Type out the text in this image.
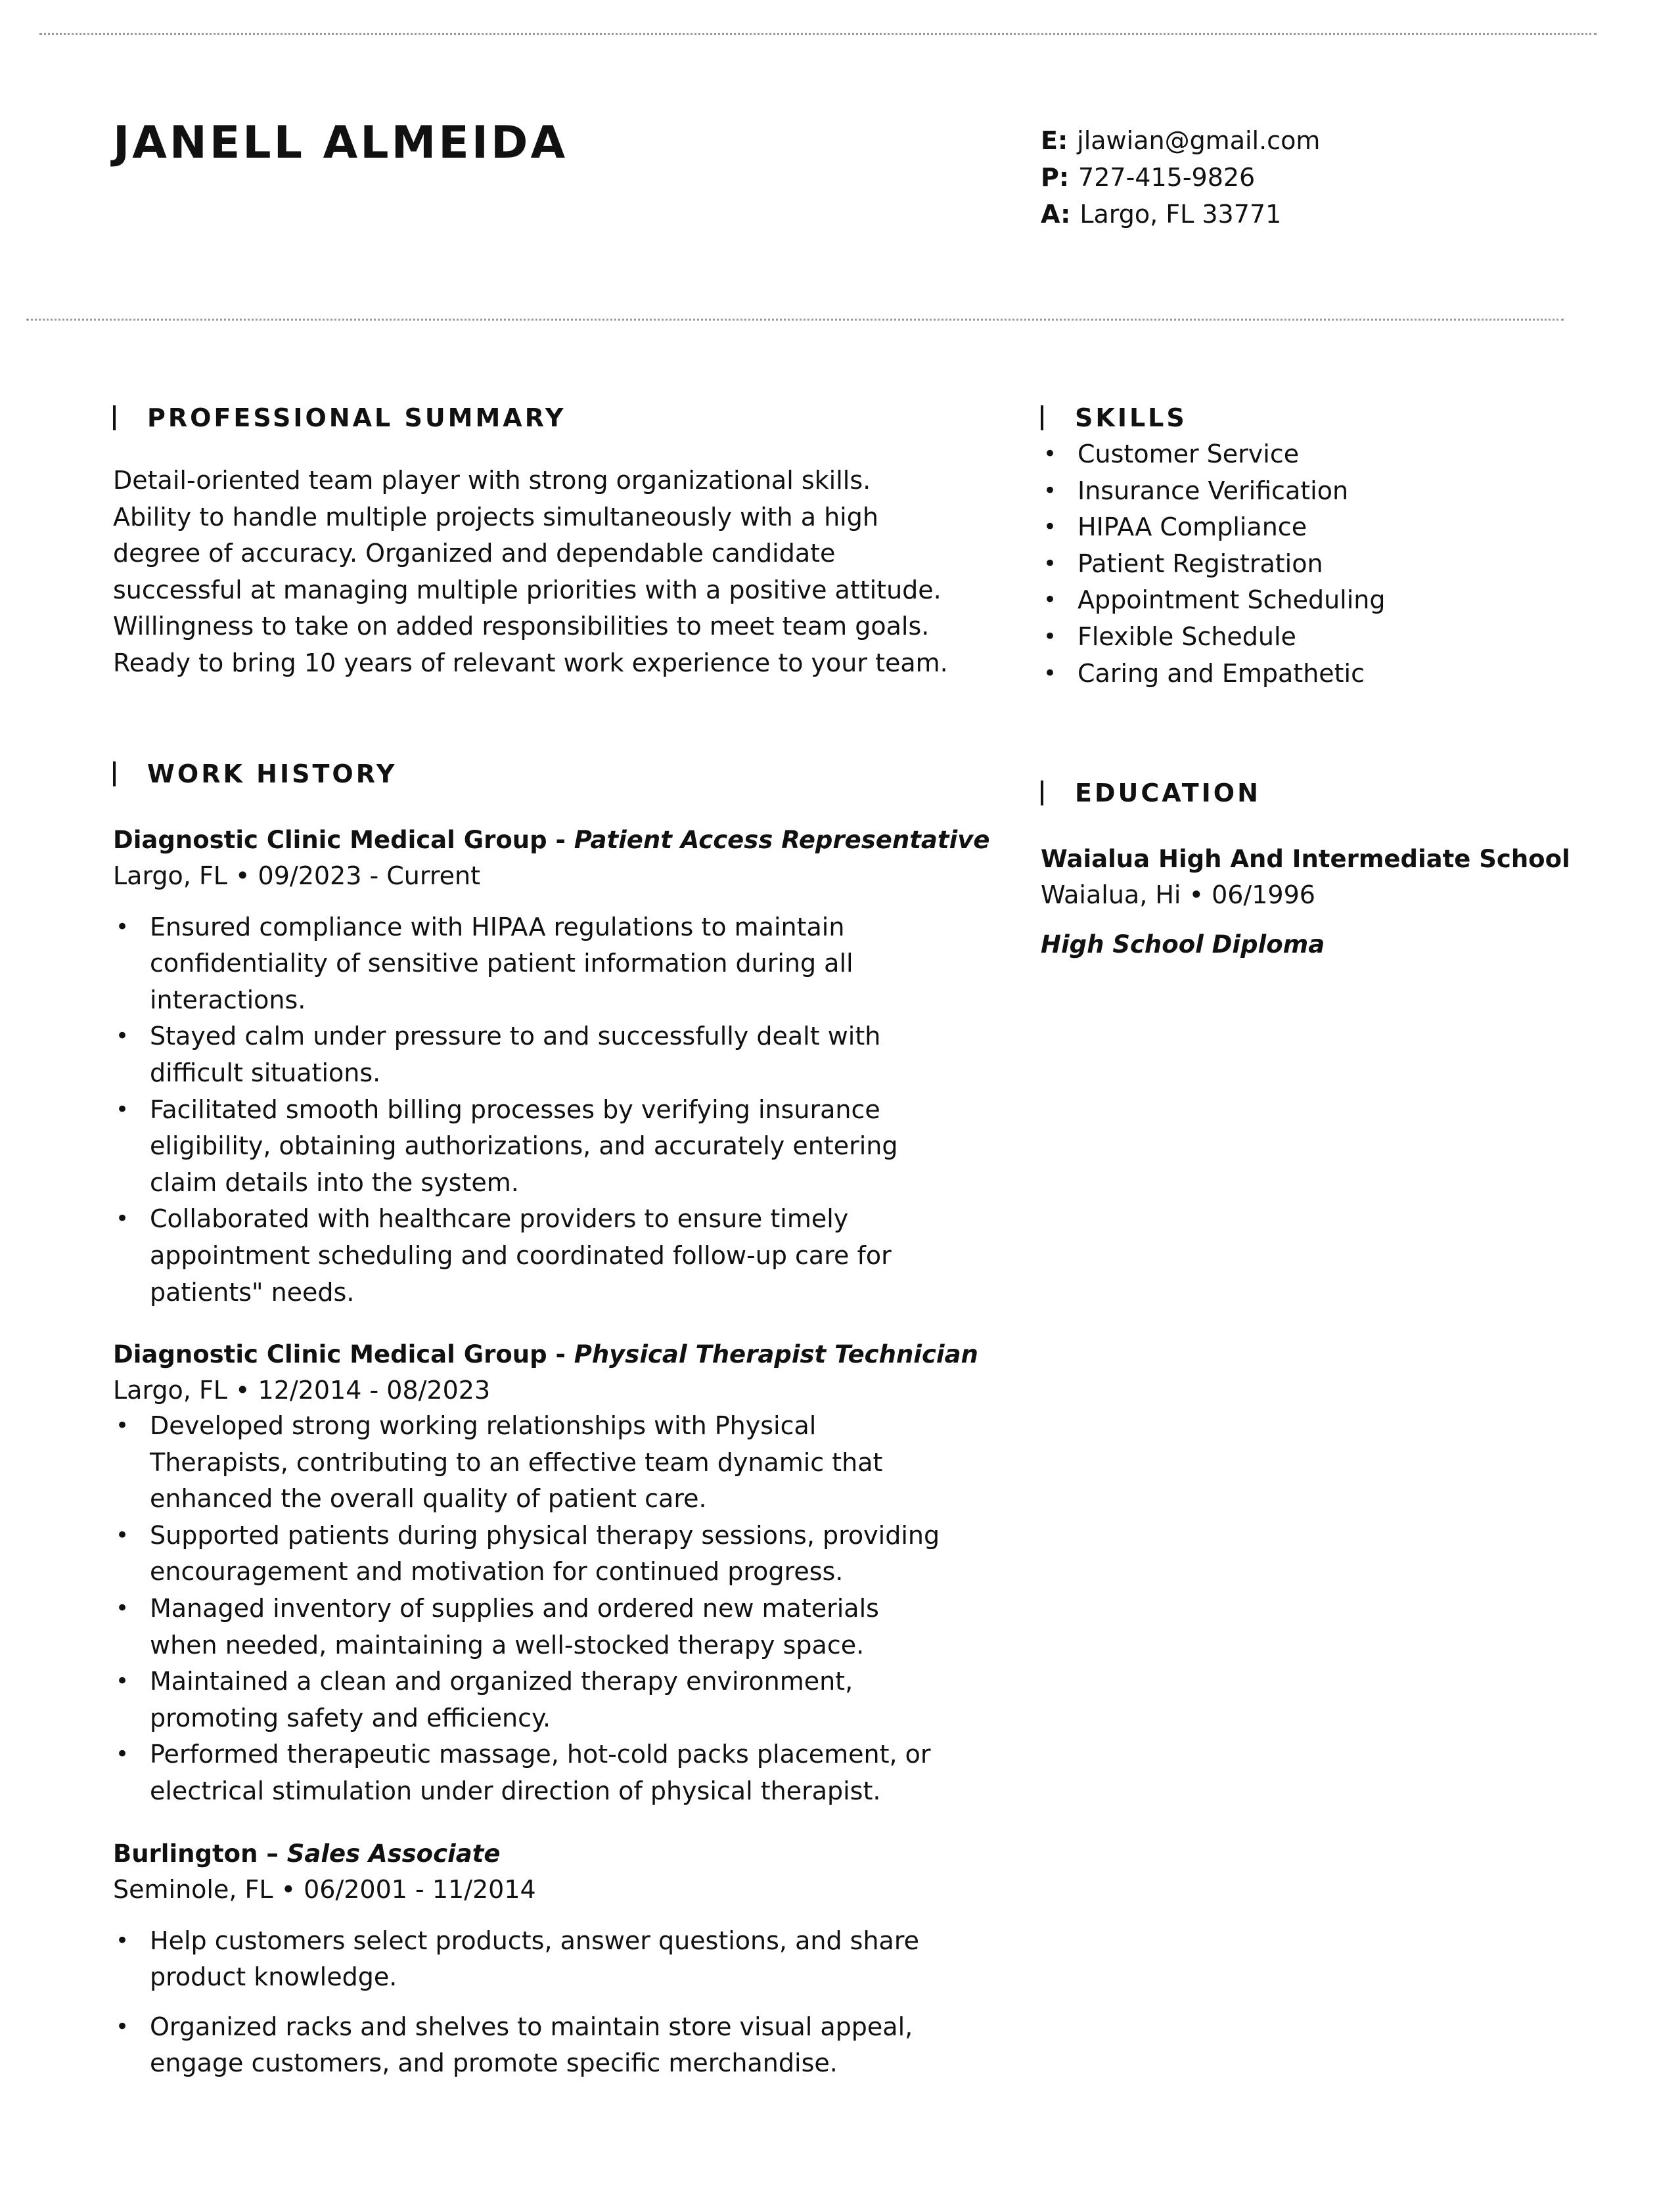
JANELL ALMEIDA	E: jlawian@gmail.com
P: 727-415-9826
A: Largo, FL 33771
PROFESSIONAL SUMMARY

Detail-oriented team player with strong organizational skills. Ability to handle multiple projects simultaneously with a high degree of accuracy. Organized and dependable candidate successful at managing multiple priorities with a positive attitude. Willingness to take on added responsibilities to meet team goals. Ready to bring 10 years of relevant work experience to your team.

WORK HISTORY
Diagnostic Clinic Medical Group - Patient Access Representative
Largo, FL • 09/2023 - Current
• Ensured compliance with HIPAA regulations to maintain confidentiality of sensitive patient information during all interactions.
• Stayed calm under pressure to and successfully dealt with difficult situations.
• Facilitated smooth billing processes by verifying insurance eligibility, obtaining authorizations, and accurately entering claim details into the system.
• Collaborated with healthcare providers to ensure timely appointment scheduling and coordinated follow-up care for patients" needs.
Diagnostic Clinic Medical Group - Physical Therapist Technician
Largo, FL • 12/2014 - 08/2023
• Developed strong working relationships with Physical Therapists, contributing to an effective team dynamic that enhanced the overall quality of patient care.
• Supported patients during physical therapy sessions, providing encouragement and motivation for continued progress.
• Managed inventory of supplies and ordered new materials when needed, maintaining a well-stocked therapy space.
• Maintained a clean and organized therapy environment, promoting safety and efficiency.
• Performed therapeutic massage, hot-cold packs placement, or electrical stimulation under direction of physical therapist.
Burlington – Sales Associate
Seminole, FL • 06/2001 - 11/2014
• Help customers select products, answer questions, and share product knowledge.
• Organized racks and shelves to maintain store visual appeal, engage customers, and promote specific merchandise.
SKILLS
• Customer Service
• Insurance Verification
• HIPAA Compliance
• Patient Registration
• Appointment Scheduling
• Flexible Schedule
• Caring and Empathetic
EDUCATION
Waialua High And Intermediate School
Waialua, Hi • 06/1996
High School Diploma
